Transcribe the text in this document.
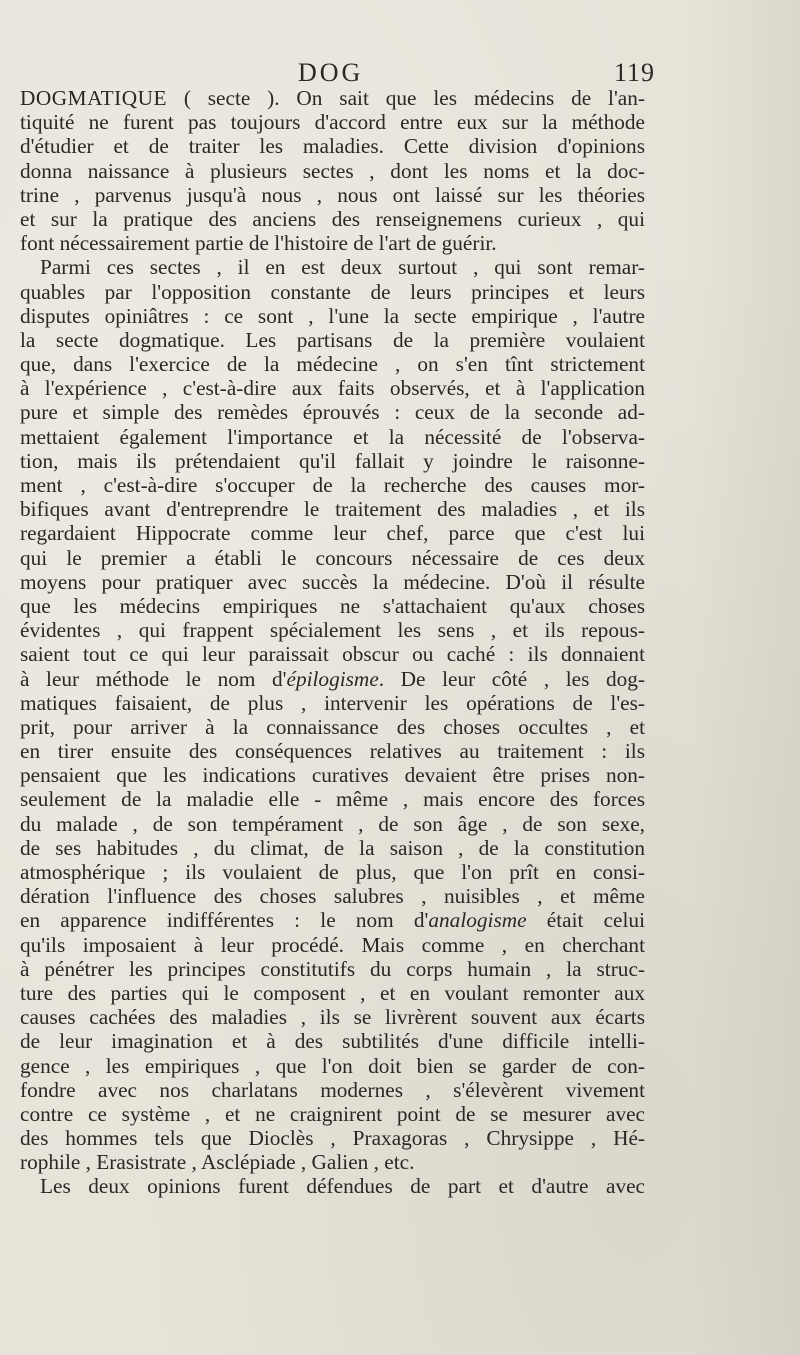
DOG	119
DOGMATIQUE ( secte ). On sait que les médecins de l'an-
tiquité ne furent pas toujours d'accord entre eux sur la méthode
d'étudier et de traiter les maladies. Cette division d'opinions
donna naissance à plusieurs sectes , dont les noms et la doc-
trine , parvenus jusqu'à nous , nous ont laissé sur les théories
et sur la pratique des anciens des renseignemens curieux , qui
font nécessairement partie de l'histoire de l'art de guérir.
Parmi ces sectes , il en est deux surtout , qui sont remar-
quables par l'opposition constante de leurs principes et leurs
disputes opiniâtres : ce sont , l'une la secte empirique , l'autre
la secte dogmatique. Les partisans de la première voulaient
que, dans l'exercice de la médecine , on s'en tînt strictement
à l'expérience , c'est-à-dire aux faits observés, et à l'application
pure et simple des remèdes éprouvés : ceux de la seconde ad-
mettaient également l'importance et la nécessité de l'observa-
tion, mais ils prétendaient qu'il fallait y joindre le raisonne-
ment , c'est-à-dire s'occuper de la recherche des causes mor-
bifiques avant d'entreprendre le traitement des maladies , et ils
regardaient Hippocrate comme leur chef, parce que c'est lui
qui le premier a établi le concours nécessaire de ces deux
moyens pour pratiquer avec succès la médecine. D'où il résulte
que les médecins empiriques ne s'attachaient qu'aux choses
évidentes , qui frappent spécialement les sens , et ils repous-
saient tout ce qui leur paraissait obscur ou caché : ils donnaient
à leur méthode le nom d'épilogisme. De leur côté , les dog-
matiques faisaient, de plus , intervenir les opérations de l'es-
prit, pour arriver à la connaissance des choses occultes , et
en tirer ensuite des conséquences relatives au traitement : ils
pensaient que les indications curatives devaient être prises non-
seulement de la maladie elle - même , mais encore des forces
du malade , de son tempérament , de son âge , de son sexe,
de ses habitudes , du climat, de la saison , de la constitution
atmosphérique ; ils voulaient de plus, que l'on prît en consi-
dération l'influence des choses salubres , nuisibles , et même
en apparence indifférentes : le nom d'analogisme était celui
qu'ils imposaient à leur procédé. Mais comme , en cherchant
à pénétrer les principes constitutifs du corps humain , la struc-
ture des parties qui le composent , et en voulant remonter aux
causes cachées des maladies , ils se livrèrent souvent aux écarts
de leur imagination et à des subtilités d'une difficile intelli-
gence , les empiriques , que l'on doit bien se garder de con-
fondre avec nos charlatans modernes , s'élevèrent vivement
contre ce système , et ne craignirent point de se mesurer avec
des hommes tels que Dioclès , Praxagoras , Chrysippe , Hé-
rophile , Erasistrate , Asclépiade , Galien , etc.
Les deux opinions furent défendues de part et d'autre avec
